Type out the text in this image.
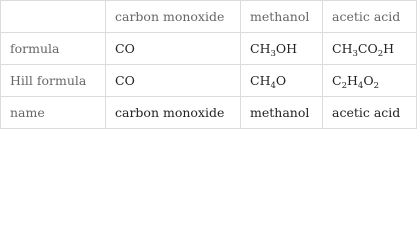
	carbon monoxide	methanol	acetic acid
formula	CO	$CH_3OH$	$CH_3CO_2H$
Hill formula	CO	$CH_4O$	$C_2H_4O_2$
name	carbon monoxide	methanol	acetic acid
